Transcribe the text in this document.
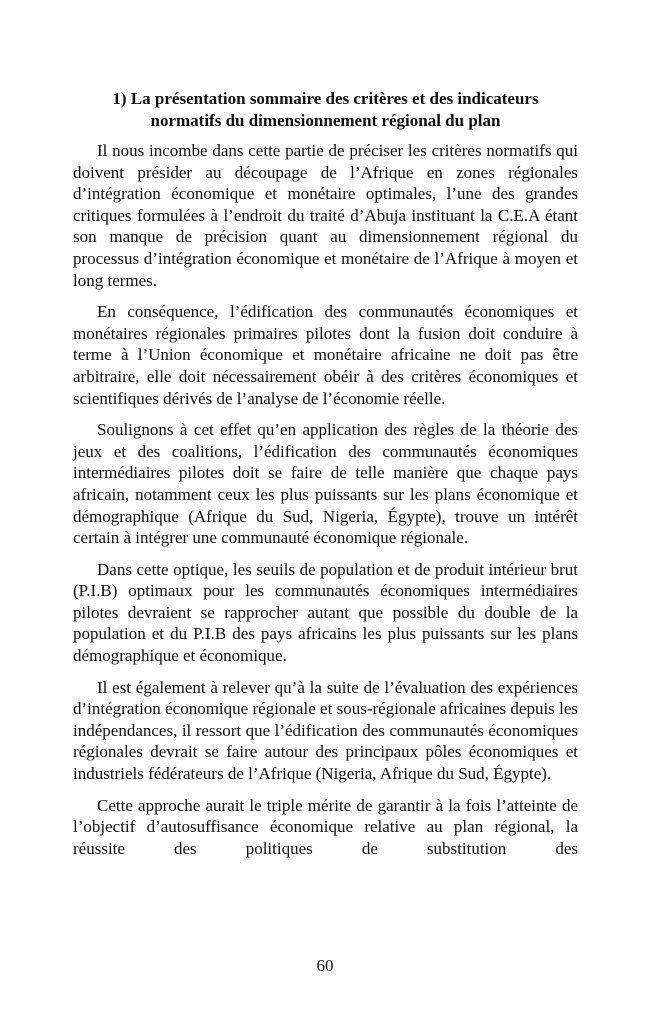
1) La présentation sommaire des critères et des indicateurs
normatifs du dimensionnement régional du plan

Il nous incombe dans cette partie de préciser les critères normatifs qui doivent présider au découpage de l’Afrique en zones régionales d’intégration économique et monétaire optimales, l’une des grandes critiques formulées à l’endroit du traité d’Abuja instituant la C.E.A étant son manque de précision quant au dimensionnement régional du processus d’intégration économique et monétaire de l’Afrique à moyen et long termes.

En conséquence, l’édification des communautés économiques et monétaires régionales primaires pilotes dont la fusion doit conduire à terme à l’Union économique et monétaire africaine ne doit pas être arbitraire, elle doit nécessairement obéir à des critères économiques et scientifiques dérivés de l’analyse de l’économie réelle.

Soulignons à cet effet qu’en application des règles de la théorie des jeux et des coalitions, l’édification des communautés économiques intermédiaires pilotes doit se faire de telle manière que chaque pays africain, notamment ceux les plus puissants sur les plans économique et démographique (Afrique du Sud, Nigeria, Égypte), trouve un intérêt certain à intégrer une communauté économique régionale.

Dans cette optique, les seuils de population et de produit intérieur brut (P.I.B) optimaux pour les communautés économiques intermédiaires pilotes devraient se rapprocher autant que possible du double de la population et du P.I.B des pays africains les plus puissants sur les plans démographique et économique.

Il est également à relever qu’à la suite de l’évaluation des expériences d’intégration économique régionale et sous-régionale africaines depuis les indépendances, il ressort que l’édification des communautés économiques régionales devrait se faire autour des principaux pôles économiques et industriels fédérateurs de l’Afrique (Nigeria, Afrique du Sud, Égypte).

Cette approche aurait le triple mérite de garantir à la fois l’atteinte de l’objectif d’autosuffisance économique relative au plan régional, la réussite des politiques de substitution des

60
